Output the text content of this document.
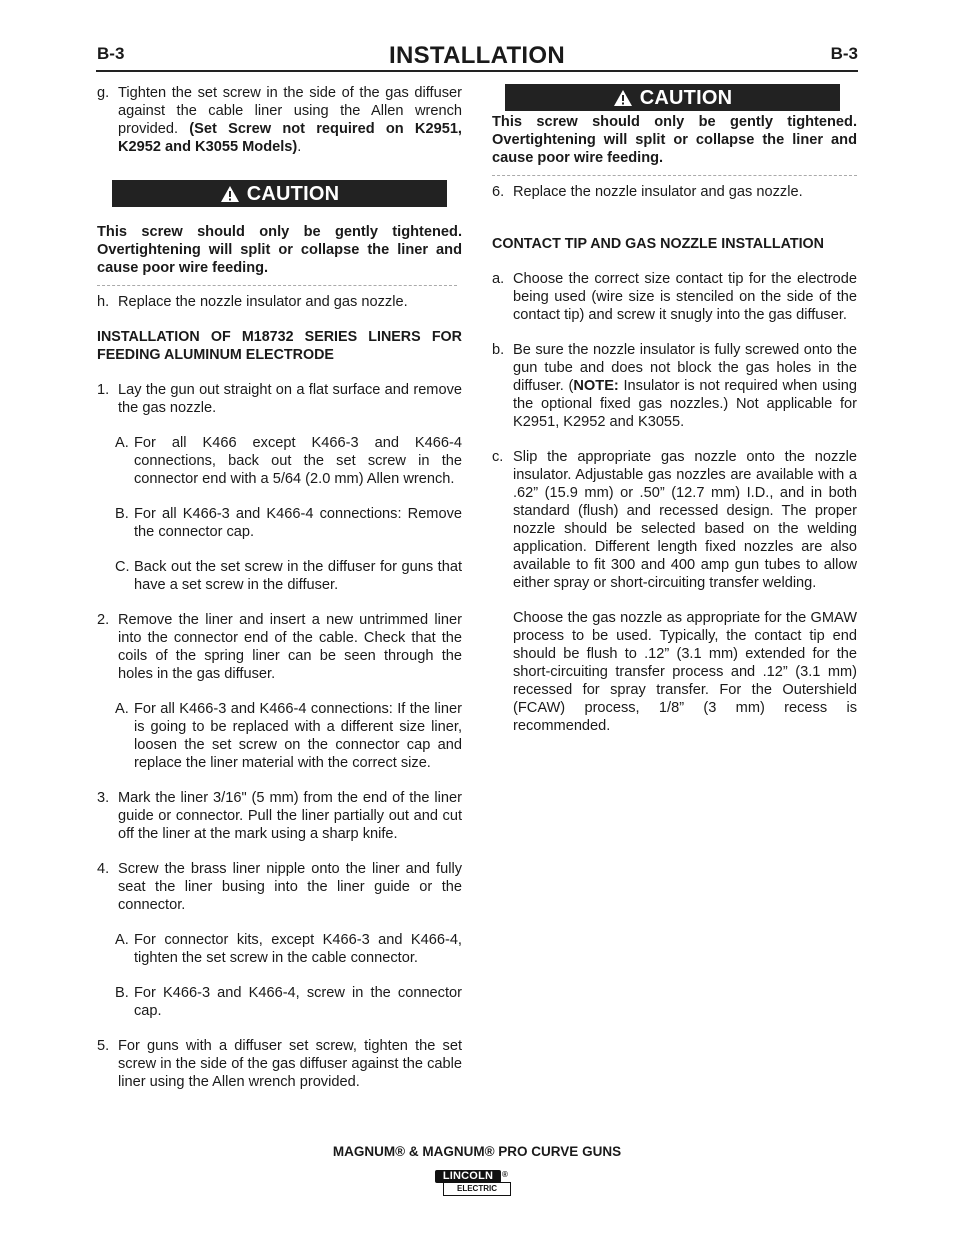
B-3	INSTALLATION	B-3
g. Tighten the set screw in the side of the gas diffuser against the cable liner using the Allen wrench provided. (Set Screw not required on K2951, K2952 and K3055 Models).
CAUTION
This screw should only be gently tightened. Overtightening will split or collapse the liner and cause poor wire feeding.
h. Replace the nozzle insulator and gas nozzle.
INSTALLATION OF M18732 SERIES LINERS FOR FEEDING ALUMINUM ELECTRODE
1. Lay the gun out straight on a flat surface and remove the gas nozzle.
A. For all K466 except K466-3 and K466-4 connections, back out the set screw in the connector end with a 5/64 (2.0 mm) Allen wrench.
B. For all K466-3 and K466-4 connections: Remove the connector cap.
C. Back out the set screw in the diffuser for guns that have a set screw in the diffuser.
2. Remove the liner and insert a new untrimmed liner into the connector end of the cable. Check that the coils of the spring liner can be seen through the holes in the gas diffuser.
A. For all K466-3 and K466-4 connections: If the liner is going to be replaced with a different size liner, loosen the set screw on the connector cap and replace the liner material with the correct size.
3. Mark the liner 3/16" (5 mm) from the end of the liner guide or connector. Pull the liner partially out and cut off the liner at the mark using a sharp knife.
4. Screw the brass liner nipple onto the liner and fully seat the liner busing into the liner guide or the connector.
A. For connector kits, except K466-3 and K466-4, tighten the set screw in the cable connector.
B. For K466-3 and K466-4, screw in the connector cap.
5. For guns with a diffuser set screw, tighten the set screw in the side of the gas diffuser against the cable liner using the Allen wrench provided.
CAUTION
This screw should only be gently tightened. Overtightening will split or collapse the liner and cause poor wire feeding.
6. Replace the nozzle insulator and gas nozzle.
CONTACT TIP AND GAS NOZZLE INSTALLATION
a. Choose the correct size contact tip for the electrode being used (wire size is stenciled on the side of the contact tip) and screw it snugly into the gas diffuser.
b. Be sure the nozzle insulator is fully screwed onto the gun tube and does not block the gas holes in the diffuser. (NOTE: Insulator is not required when using the optional fixed gas nozzles.) Not applicable for K2951, K2952 and K3055.
c. Slip the appropriate gas nozzle onto the nozzle insulator. Adjustable gas nozzles are available with a .62” (15.9 mm) or .50” (12.7 mm) I.D., and in both standard (flush) and recessed design. The proper nozzle should be selected based on the welding application. Different length fixed nozzles are also available to fit 300 and 400 amp gun tubes to allow either spray or short-circuiting transfer welding.
Choose the gas nozzle as appropriate for the GMAW process to be used. Typically, the contact tip end should be flush to .12” (3.1 mm) extended for the short-circuiting transfer process and .12” (3.1 mm) recessed for spray transfer. For the Outershield (FCAW) process, 1/8” (3 mm) recess is recommended.
MAGNUM® & MAGNUM® PRO CURVE GUNS
LINCOLN
ELECTRIC
®
